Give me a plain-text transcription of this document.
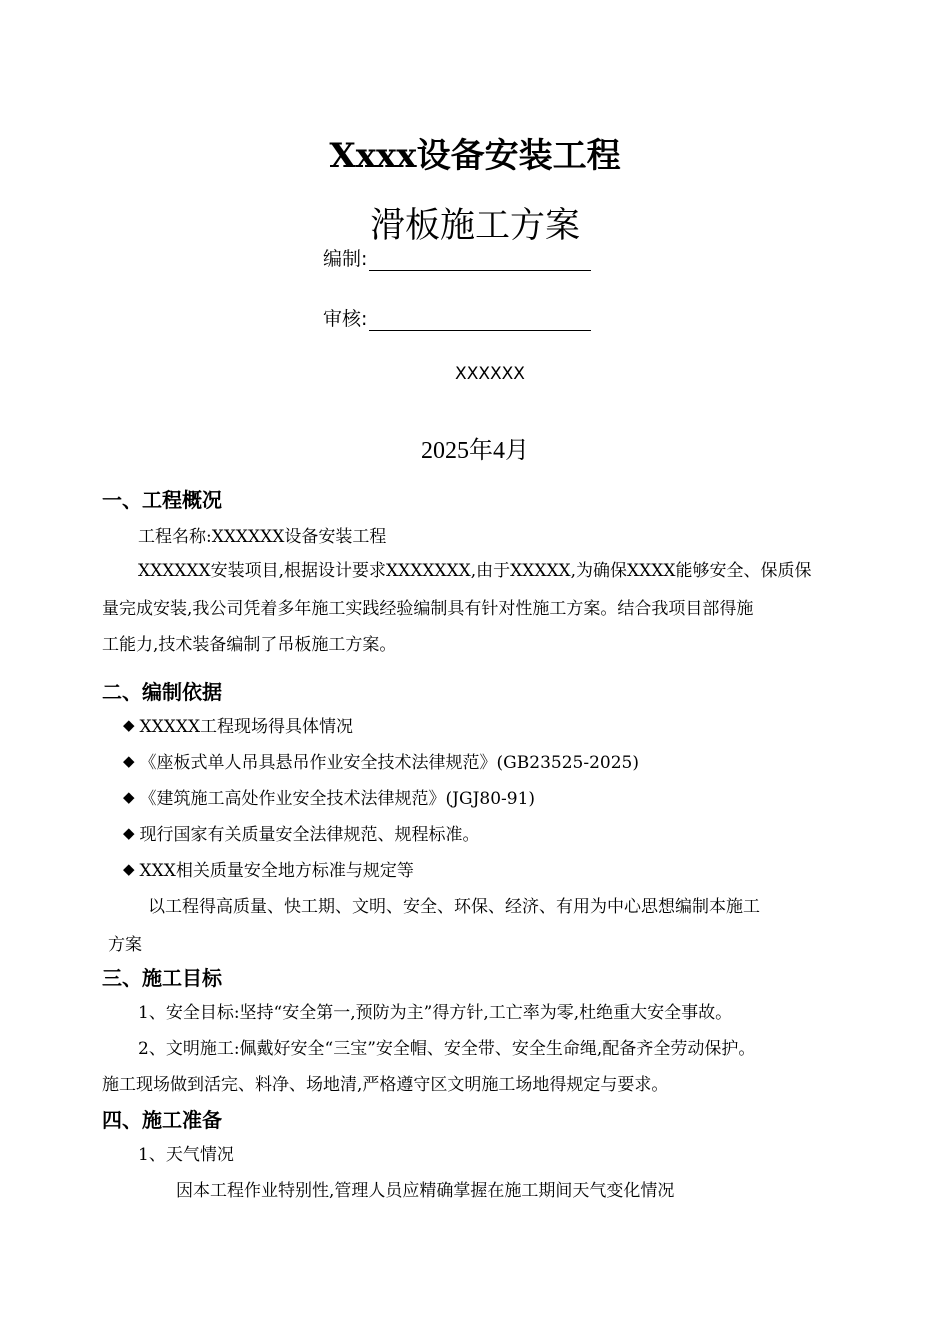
Xxxx设备安装工程
滑板施工方案
编制:
审核:
XXXXXX
2025年4月
一、工程概况
工程名称:XXXXXX设备安装工程
XXXXXX安装项目,根据设计要求XXXXXXX,由于XXXXX,为确保XXXX能够安全、保质保
量完成安装,我公司凭着多年施工实践经验编制具有针对性施工方案。结合我项目部得施
工能力,技术装备编制了吊板施工方案。
二、编制依据
◆ XXXXX工程现场得具体情况
◆ 《座板式单人吊具悬吊作业安全技术法律规范》(GB23525-2025)
◆ 《建筑施工高处作业安全技术法律规范》(JGJ80-91)
◆ 现行国家有关质量安全法律规范、规程标准。
◆ XXX相关质量安全地方标准与规定等
以工程得高质量、快工期、文明、安全、环保、经济、有用为中心思想编制本施工
方案
三、施工目标
1、安全目标:坚持“安全第一,预防为主”得方针,工亡率为零,杜绝重大安全事故。
2、文明施工:佩戴好安全“三宝”安全帽、安全带、安全生命绳,配备齐全劳动保护。
施工现场做到活完、料净、场地清,严格遵守区文明施工场地得规定与要求。
四、施工准备
1、天气情况
因本工程作业特别性,管理人员应精确掌握在施工期间天气变化情况
